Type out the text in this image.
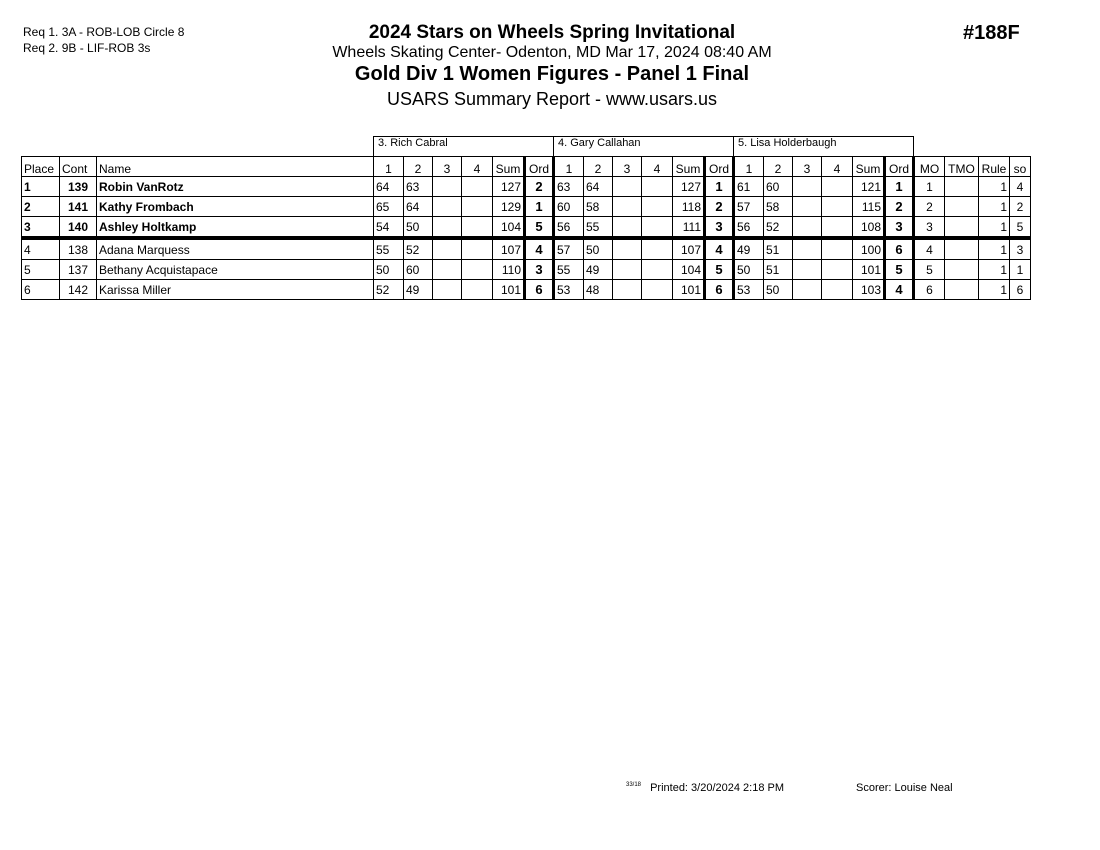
Req 1. 3A - ROB-LOB Circle 8
Req 2. 9B - LIF-ROB 3s
2024 Stars on Wheels Spring Invitational
Wheels Skating Center- Odenton, MD Mar 17, 2024 08:40 AM
Gold Div 1 Women Figures - Panel 1 Final
USARS Summary Report - www.usars.us
#188F
			3. Rich Cabral						4. Gary Callahan						5. Lisa Holderbaugh									
Place	Cont	Name	1	2	3	4	Sum	Ord	1	2	3	4	Sum	Ord	1	2	3	4	Sum	Ord	MO	TMO	Rule	so
1	139	Robin VanRotz	64	63			127	2	63	64			127	1	61	60			121	1	1		1	4
2	141	Kathy Frombach	65	64			129	1	60	58			118	2	57	58			115	2	2		1	2
3	140	Ashley Holtkamp	54	50			104	5	56	55			111	3	56	52			108	3	3		1	5
4	138	Adana Marquess	55	52			107	4	57	50			107	4	49	51			100	6	4		1	3
5	137	Bethany Acquistapace	50	60			110	3	55	49			104	5	50	51			101	5	5		1	1
6	142	Karissa Miller	52	49			101	6	53	48			101	6	53	50			103	4	6		1	6
$^{33/18}$ Printed: 3/20/2024 2:18 PM	Scorer: Louise Neal
